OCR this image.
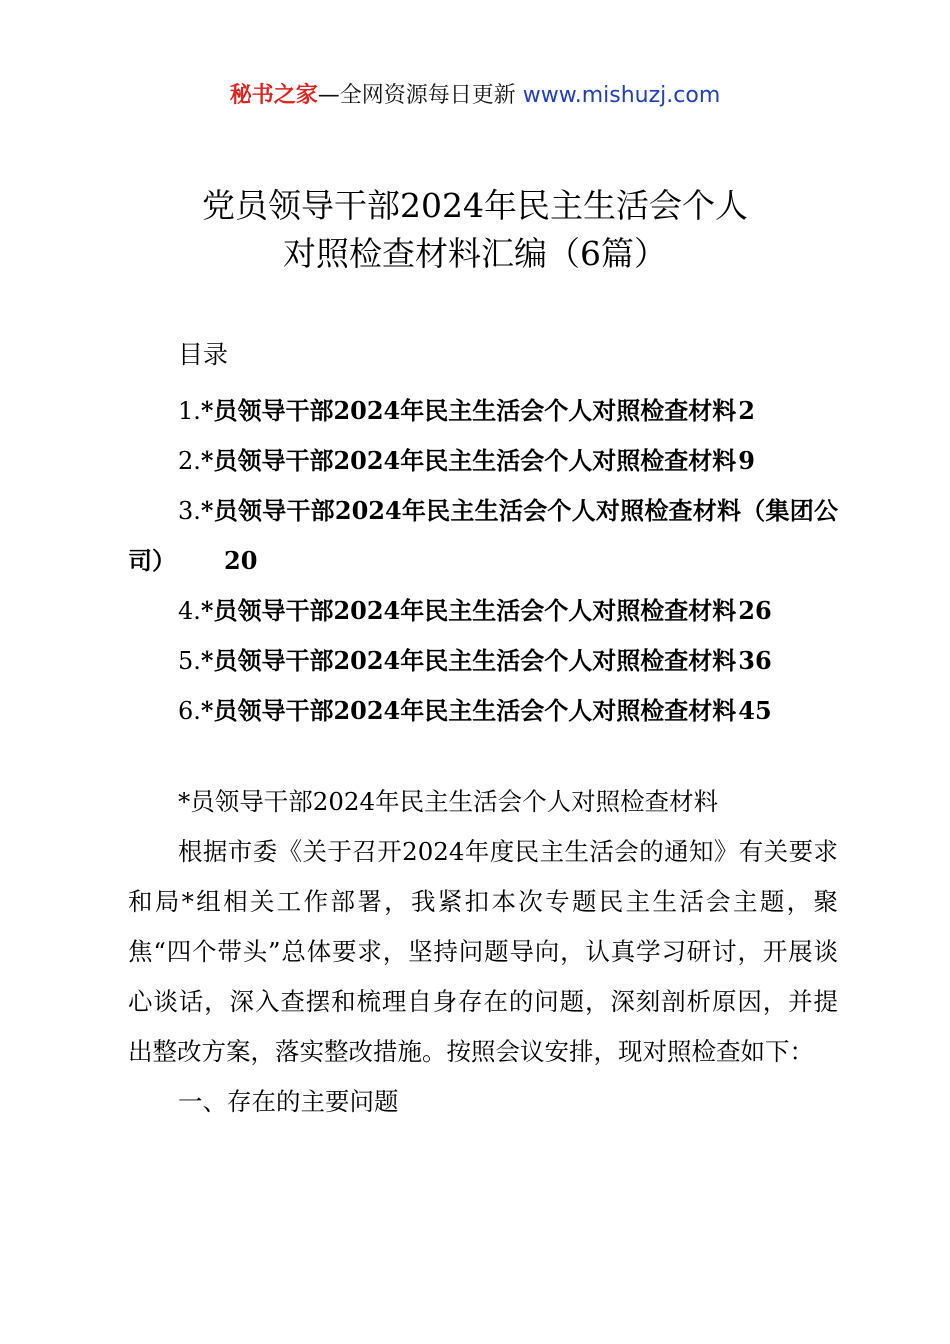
秘书之家—全网资源每日更新 www.mishuzj.com
党员领导干部2024年民主生活会个人
对照检查材料汇编（6篇）
目录
1.*员领导干部2024年民主生活会个人对照检查材料2
2.*员领导干部2024年民主生活会个人对照检查材料9
3.*员领导干部2024年民主生活会个人对照检查材料（集团公司） 20
4.*员领导干部2024年民主生活会个人对照检查材料26
5.*员领导干部2024年民主生活会个人对照检查材料36
6.*员领导干部2024年民主生活会个人对照检查材料45

*员领导干部2024年民主生活会个人对照检查材料

根据市委《关于召开2024年度民主生活会的通知》有关要求和局*组相关工作部署，我紧扣本次专题民主生活会主题，聚焦“四个带头”总体要求，坚持问题导向，认真学习研讨，开展谈心谈话，深入查摆和梳理自身存在的问题，深刻剖析原因，并提出整改方案，落实整改措施。按照会议安排，现对照检查如下：

一、存在的主要问题
